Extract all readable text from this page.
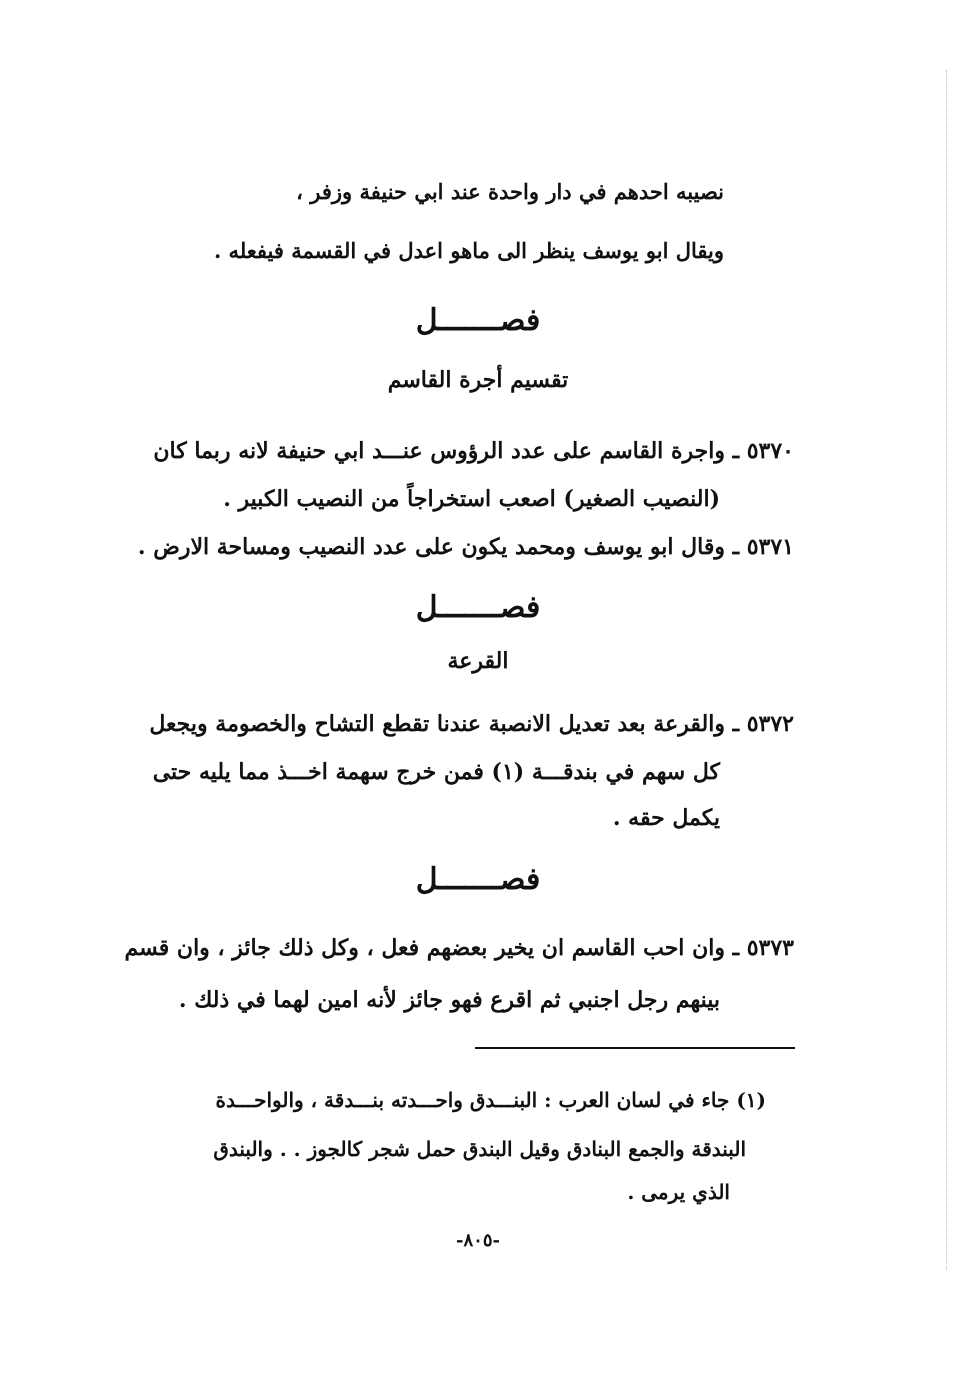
نصيبه احدهم في دار واحدة عند ابي حنيفة وزفر ،
ويقال ابو يوسف ينظر الى ماهو اعدل في القسمة فيفعله .
فصـــــــل
تقسيم أجرة القاسم
٥٣٧٠ ـ واجرة القاسم على عدد الرؤوس عنـــد ابي حنيفة لانه ربما كان
(النصيب الصغير) اصعب استخراجاً من النصيب الكبير .
٥٣٧١ ـ وقال ابو يوسف ومحمد يكون على عدد النصيب ومساحة الارض .
فصـــــــل
القرعة
٥٣٧٢ ـ والقرعة بعد تعديل الانصبة عندنا تقطع التشاح والخصومة ويجعل
كل سهم في بندقـــة (١) فمن خرج سهمة اخـــذ مما يليه حتى
يكمل حقه .
فصـــــــل
٥٣٧٣ ـ وان احب القاسم ان يخير بعضهم فعل ، وكل ذلك جائز ، وان قسم
بينهم رجل اجنبي ثم اقرع فهو جائز لأنه امين لهما في ذلك .
(١) جاء في لسان العرب : البنـــدق واحـــدته بنـــدقة ، والواحـــدة
البندقة والجمع البنادق وقيل البندق حمل شجر كالجوز . . والبندق
الذي يرمى .
-٨٠٥-
